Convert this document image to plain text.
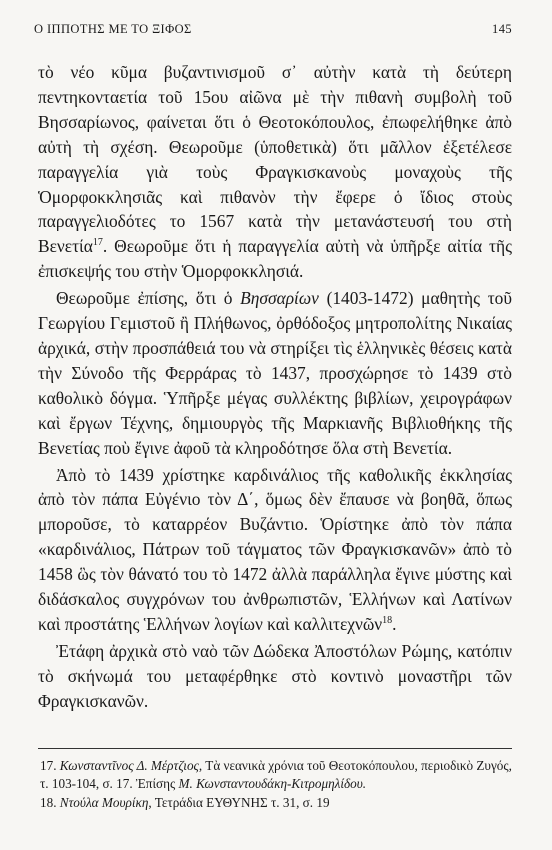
Ο ΙΠΠΟΤΗΣ ΜΕ ΤΟ ΞΙΦΟΣ	145

τὸ νέο κῦμα βυζαντινισμοῦ σ᾽ αὐτὴν κατὰ τὴ δεύτερη πεντηκονταετία τοῦ 15ου αἰῶνα μὲ τὴν πιθανὴ συμβολὴ τοῦ Βησσαρίωνος, φαίνεται ὅτι ὁ Θεοτοκόπουλος, ἐπωφελήθηκε ἀπὸ αὐτὴ τὴ σχέση. Θεωροῦμε (ὑποθετικὰ) ὅτι μᾶλλον ἐξετέλεσε παραγγελία γιὰ τοὺς Φραγκισκανοὺς μοναχοὺς τῆς Ὁμορφοκκλησιᾶς καὶ πιθανὸν τὴν ἔφερε ὁ ἴδιος στοὺς παραγγελιοδότες το 1567 κατὰ τὴν μετανάστευσή του στὴ Βενετία$^{17}$. Θεωροῦμε ὅτι ἡ παραγγελία αὐτὴ νὰ ὑπῆρξε αἰτία τῆς ἐπισκεψής του στὴν Ὁμορφοκκλησιά.

Θεωροῦμε ἐπίσης, ὅτι ὁ Βησσαρίων (1403-1472) μαθητὴς τοῦ Γεωργίου Γεμιστοῦ ἢ Πλήθωνος, ὀρθόδοξος μητροπολίτης Νικαίας ἀρχικά, στὴν προσπάθειά του νὰ στηρίξει τὶς ἑλληνικὲς θέσεις κατὰ τὴν Σύνοδο τῆς Φερράρας τὸ 1437, προσχώρησε τὸ 1439 στὸ καθολικὸ δόγμα. Ὑπῆρξε μέγας συλλέκτης βιβλίων, χειρογράφων καὶ ἔργων Τέχνης, δημιουργὸς τῆς Μαρκιανῆς Βιβλιοθήκης τῆς Βενετίας ποὺ ἔγινε ἀφοῦ τὰ κληροδότησε ὅλα στὴ Βενετία.

Ἀπὸ τὸ 1439 χρίστηκε καρδινάλιος τῆς καθολικῆς ἐκκλησίας ἀπὸ τὸν πάπα Εὐγένιο τὸν Δ΄, ὅμως δὲν ἔπαυσε νὰ βοηθᾶ, ὅπως μποροῦσε, τὸ καταρρέον Βυζάντιο. Ὁρίστηκε ἀπὸ τὸν πάπα «καρδινάλιος, Πάτρων τοῦ τάγματος τῶν Φραγκισκανῶν» ἀπὸ τὸ 1458 ὣς τὸν θάνατό του τὸ 1472 ἀλλὰ παράλληλα ἔγινε μύστης καὶ διδάσκαλος συγχρόνων του ἀνθρωπιστῶν, Ἑλλήνων καὶ Λατίνων καὶ προστάτης Ἑλλήνων λογίων καὶ καλλιτεχνῶν$^{18}$.

Ἐτάφη ἀρχικὰ στὸ ναὸ τῶν Δώδεκα Ἀποστόλων Ρώμης, κατόπιν τὸ σκήνωμά του μεταφέρθηκε στὸ κοντινὸ μοναστῆρι τῶν Φραγκισκανῶν.

17. Κωνσταντῖνος Δ. Μέρτζιος, Τὰ νεανικὰ χρόνια τοῦ Θεοτοκόπουλου, περιοδικὸ Ζυγός, τ. 103-104, σ. 17. Ἐπίσης Μ. Κωνσταντουδάκη-Κιτρομηλίδου.

18. Ντούλα Μουρίκη, Τετράδια ΕΥΘΥΝΗΣ τ. 31, σ. 19
